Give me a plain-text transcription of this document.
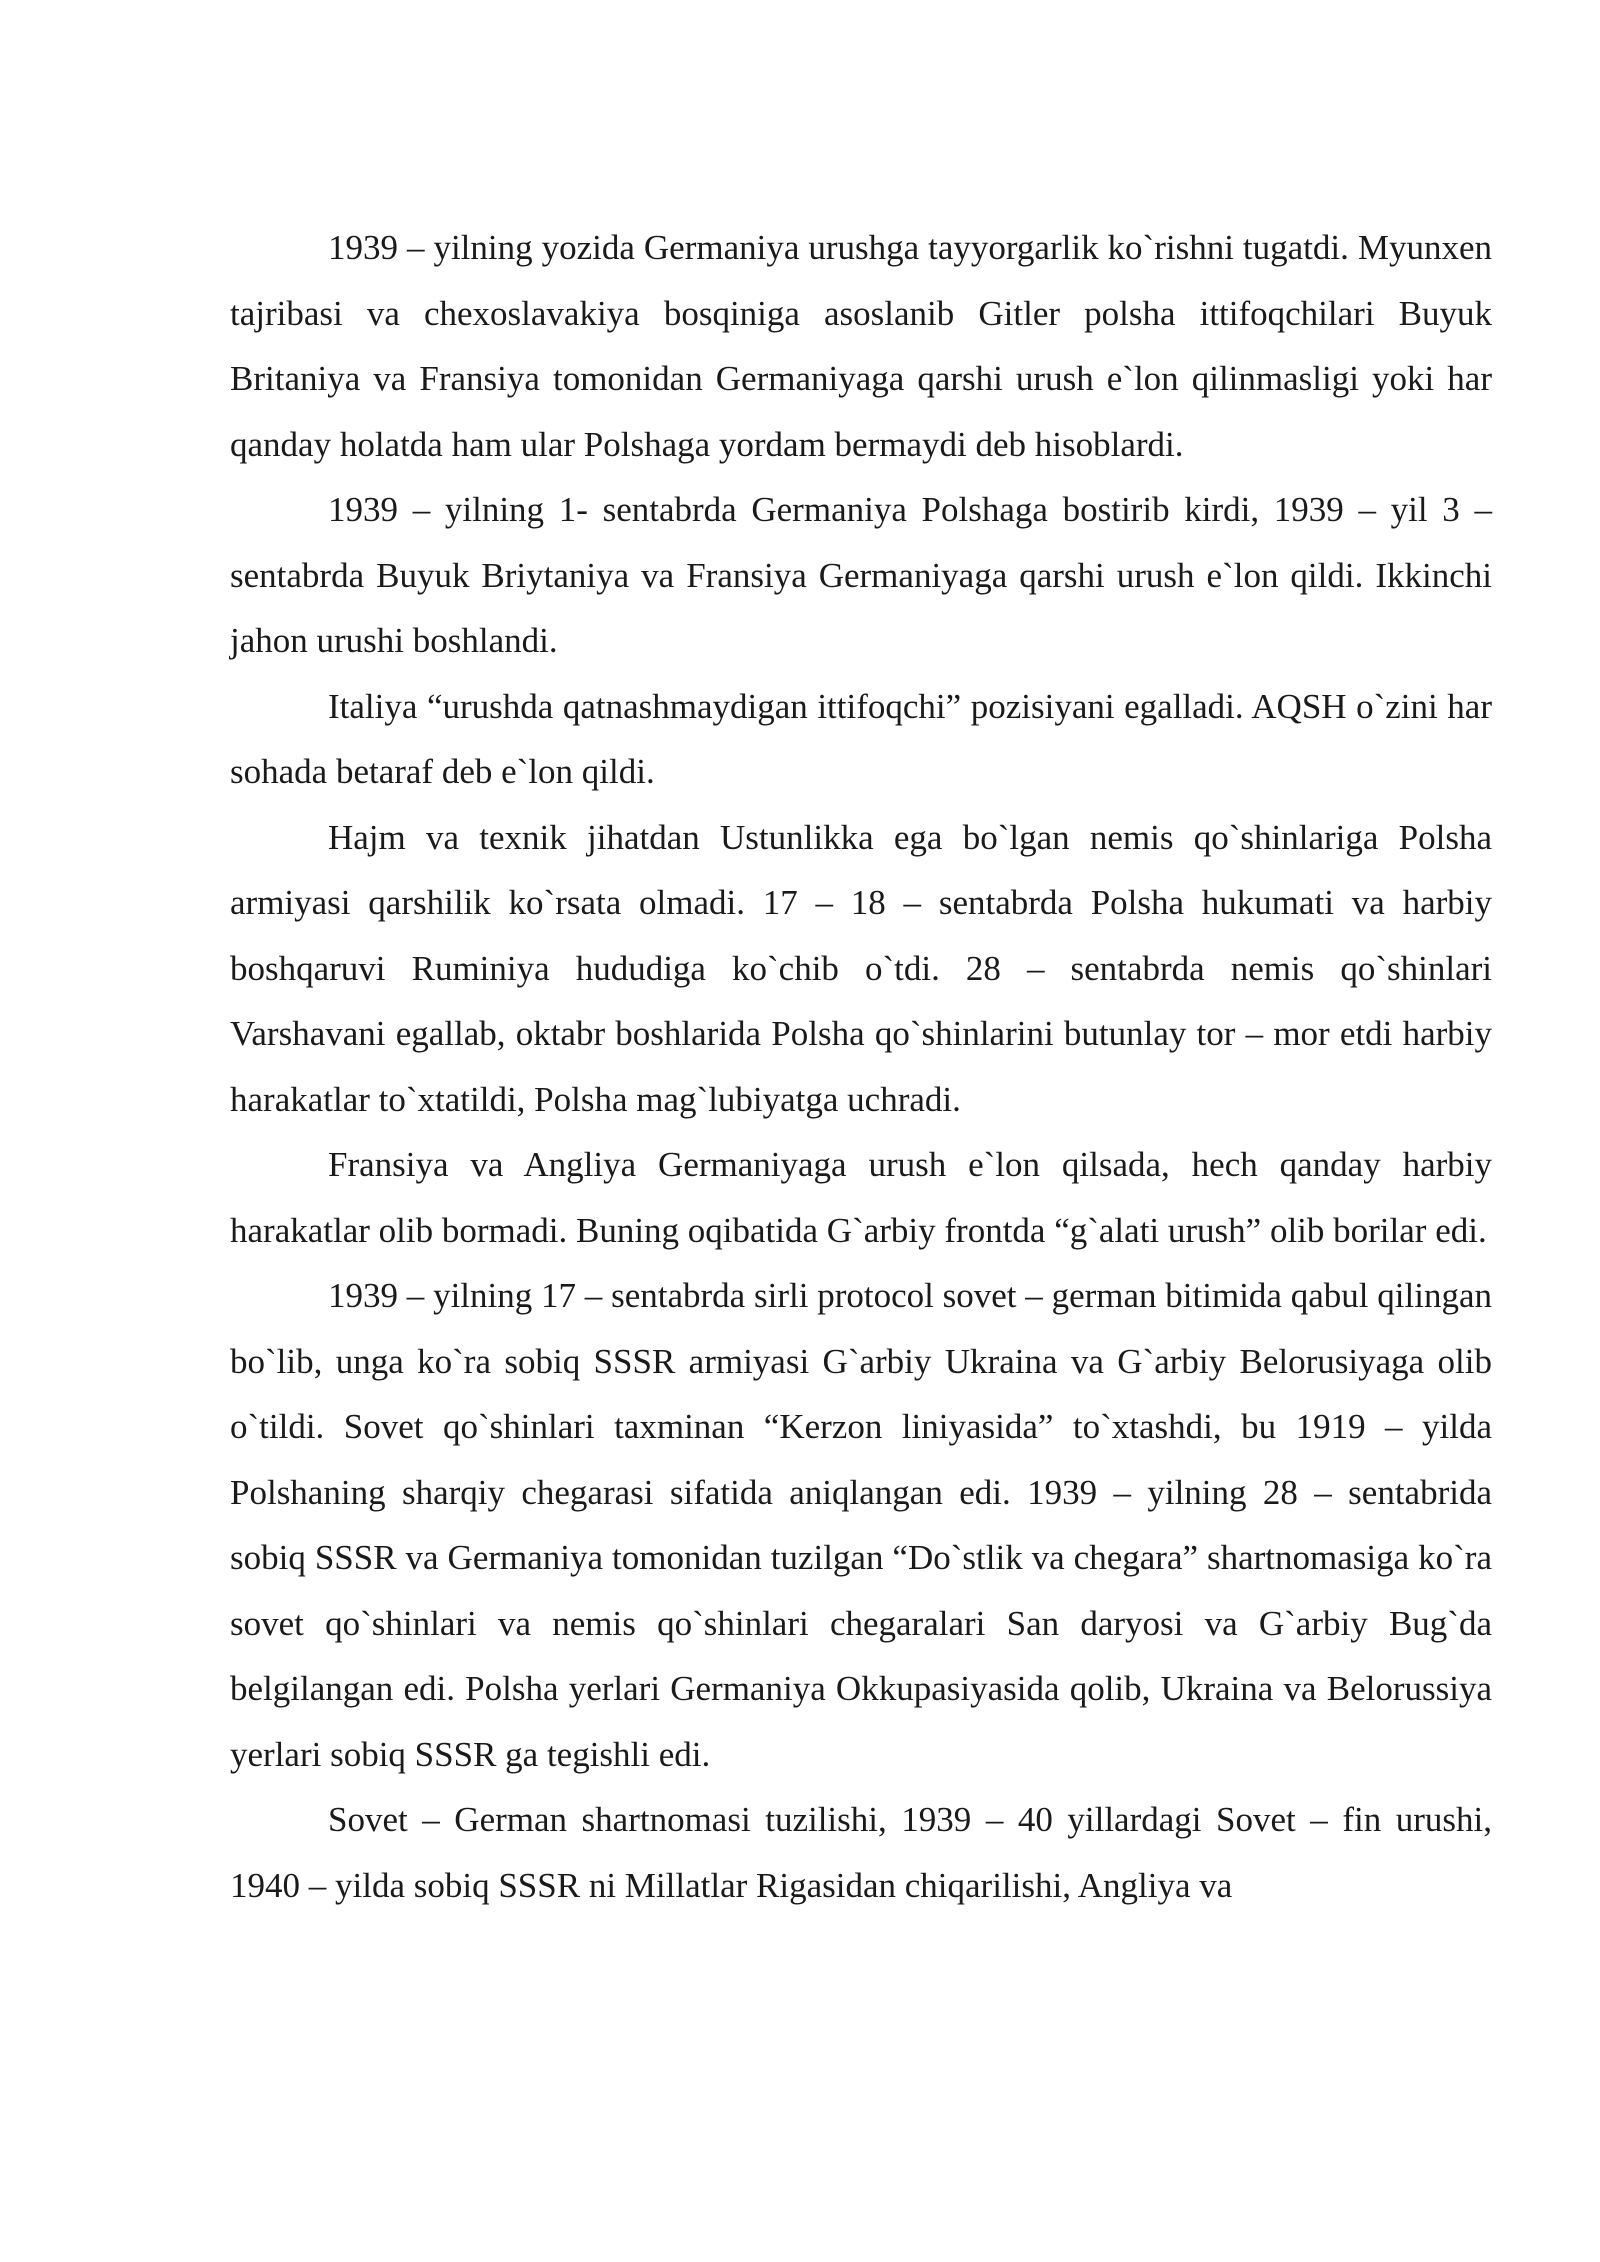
1939 – yilning yozida Germaniya urushga tayyorgarlik ko`rishni tugatdi. Myunxen tajribasi va chexoslavakiya bosqiniga asoslanib Gitler polsha ittifoqchilari Buyuk Britaniya va Fransiya tomonidan Germaniyaga qarshi urush e`lon qilinmasligi yoki har qanday holatda ham ular Polshaga yordam bermaydi deb hisoblardi.

1939 – yilning 1- sentabrda Germaniya Polshaga bostirib kirdi, 1939 – yil 3 – sentabrda Buyuk Briytaniya va Fransiya Germaniyaga qarshi urush e`lon qildi. Ikkinchi jahon urushi boshlandi.

Italiya “urushda qatnashmaydigan ittifoqchi” pozisiyani egalladi. AQSH o`zini har sohada betaraf deb e`lon qildi.

Hajm va texnik jihatdan Ustunlikka ega bo`lgan nemis qo`shinlariga Polsha armiyasi qarshilik ko`rsata olmadi. 17 – 18 – sentabrda Polsha hukumati va harbiy boshqaruvi Ruminiya hududiga ko`chib o`tdi. 28 – sentabrda nemis qo`shinlari Varshavani egallab, oktabr boshlarida Polsha qo`shinlarini butunlay tor – mor etdi harbiy harakatlar to`xtatildi, Polsha mag`lubiyatga uchradi.

Fransiya va Angliya Germaniyaga urush e`lon qilsada, hech qanday harbiy harakatlar olib bormadi. Buning oqibatida G`arbiy frontda “g`alati urush” olib borilar edi.

1939 – yilning 17 – sentabrda sirli protocol sovet – german bitimida qabul qilingan bo`lib, unga ko`ra sobiq SSSR armiyasi G`arbiy Ukraina va G`arbiy Belorusiyaga olib o`tildi. Sovet qo`shinlari taxminan “Kerzon liniyasida” to`xtashdi, bu 1919 – yilda Polshaning sharqiy chegarasi sifatida aniqlangan edi. 1939 – yilning 28 – sentabrida sobiq SSSR va Germaniya tomonidan tuzilgan “Do`stlik va chegara” shartnomasiga ko`ra sovet qo`shinlari va nemis qo`shinlari chegaralari San daryosi va G`arbiy Bug`da belgilangan edi. Polsha yerlari Germaniya Okkupasiyasida qolib, Ukraina va Belorussiya yerlari sobiq SSSR ga tegishli edi.

Sovet – German shartnomasi tuzilishi, 1939 – 40 yillardagi Sovet – fin urushi, 1940 – yilda sobiq SSSR ni Millatlar Rigasidan chiqarilishi, Angliya va
